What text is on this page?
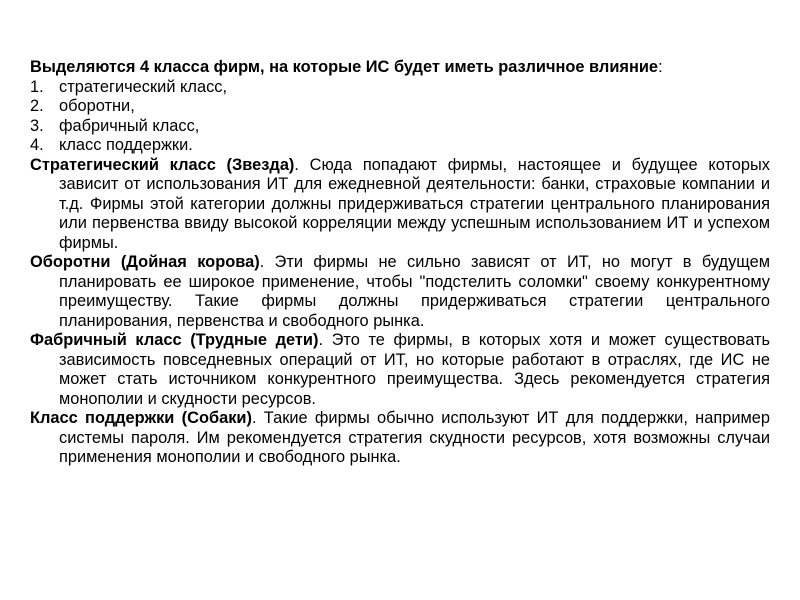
Выделяются 4 класса фирм, на которые ИС будет иметь различное влияние:

1. стратегический класс,
2. оборотни,
3. фабричный класс,
4. класс поддержки.

Стратегический класс (Звезда). Сюда попадают фирмы, настоящее и будущее которых зависит от использования ИТ для ежедневной деятельности: банки, страховые компании и т.д. Фирмы этой категории должны придерживаться стратегии центрального планирования или первенства ввиду высокой корреляции между успешным использованием ИТ и успехом фирмы.

Оборотни (Дойная корова). Эти фирмы не сильно зависят от ИТ, но могут в будущем планировать ее широкое применение, чтобы "подстелить соломки" своему конкурентному преимуществу. Такие фирмы должны придерживаться стратегии центрального планирования, первенства и свободного рынка.

Фабричный класс (Трудные дети). Это те фирмы, в которых хотя и может существовать зависимость повседневных операций от ИТ, но которые работают в отраслях, где ИС не может стать источником конкурентного преимущества. Здесь рекомендуется стратегия монополии и скудности ресурсов.

Класс поддержки (Собаки). Такие фирмы обычно используют ИТ для поддержки, например системы пароля. Им рекомендуется стратегия скудности ресурсов, хотя возможны случаи применения монополии и свободного рынка.
